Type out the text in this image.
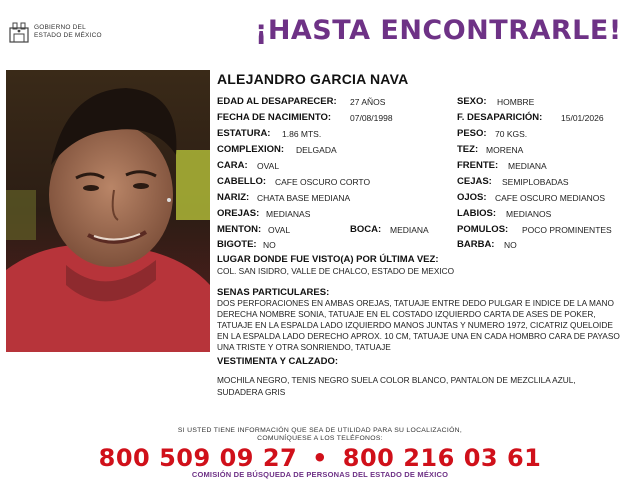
GOBIERNO DEL
ESTADO DE MÉXICO	¡HASTA ENCONTRARLE!
ALEJANDRO GARCIA NAVA
EDAD AL DESAPARECER: 27 AÑOS
FECHA DE NACIMIENTO: 07/08/1998
ESTATURA: 1.86 MTS.
COMPLEXION: DELGADA
CARA: OVAL
CABELLO: CAFE OSCURO CORTO
NARIZ: CHATA BASE MEDIANA
OREJAS: MEDIANAS
MENTON: OVAL	BOCA: MEDIANA
BIGOTE: NO
SEXO: HOMBRE
F. DESAPARICIÓN: 15/01/2026
PESO: 70 KGS.
TEZ: MORENA
FRENTE: MEDIANA
CEJAS: SEMIPLOBADAS
OJOS: CAFE OSCURO MEDIANOS
LABIOS: MEDIANOS
POMULOS: POCO PROMINENTES
BARBA: NO
LUGAR DONDE FUE VISTO(A) POR ÚLTIMA VEZ:
COL. SAN ISIDRO, VALLE DE CHALCO, ESTADO DE MEXICO
SENAS PARTICULARES:
DOS PERFORACIONES EN AMBAS OREJAS, TATUAJE ENTRE DEDO PULGAR E INDICE DE LA MANO DERECHA NOMBRE SONIA, TATUAJE EN EL COSTADO IZQUIERDO CARTA DE ASES DE POKER, TATUAJE EN LA ESPALDA LADO IZQUIERDO MANOS JUNTAS Y NUMERO 1972, CICATRIZ QUELOIDE EN LA ESPALDA LADO DERECHO APROX. 10 CM, TATUAJE UNA EN CADA HOMBRO CARA DE PAYASO UNA TRISTE Y OTRA SONRIENDO, TATUAJE
VESTIMENTA Y CALZADO:
MOCHILA NEGRO, TENIS NEGRO SUELA COLOR BLANCO, PANTALON DE MEZCLILA AZUL, SUDADERA GRIS
SI USTED TIENE INFORMACIÓN QUE SEA DE UTILIDAD PARA SU LOCALIZACIÓN,
COMUNÍQUESE A LOS TELÉFONOS:
800 509 09 27 • 800 216 03 61
COMISIÓN DE BÚSQUEDA DE PERSONAS DEL ESTADO DE MÉXICO
